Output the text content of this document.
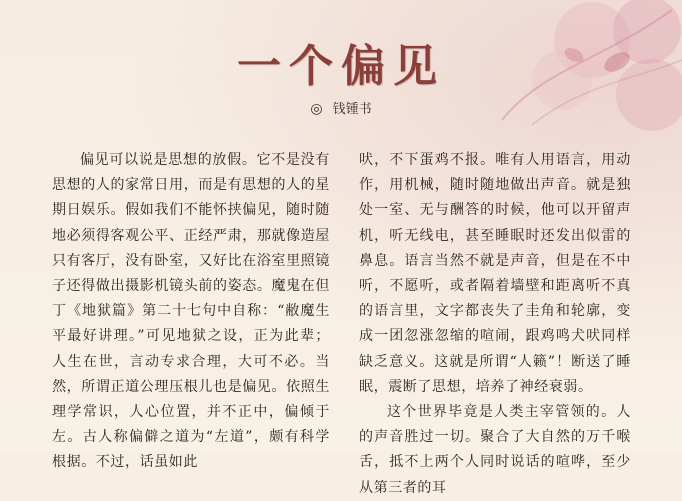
一个偏见
◎ 钱锺书

偏见可以说是思想的放假。它不是没有思想的人的家常日用，而是有思想的人的星期日娱乐。假如我们不能怀挟偏见，随时随地必须得客观公平、正经严肃，那就像造屋只有客厅，没有卧室，又好比在浴室里照镜子还得做出摄影机镜头前的姿态。魔鬼在但丁《地狱篇》第二十七句中自称：“敝魔生平最好讲理。”可见地狱之设，正为此辈；人生在世，言动专求合理，大可不必。当然，所谓正道公理压根儿也是偏见。依照生理学常识，人心位置，并不正中，偏倾于左。古人称偏僻之道为“左道”，颇有科学根据。不过，话虽如此

吠，不下蛋鸡不报。唯有人用语言，用动作，用机械，随时随地做出声音。就是独处一室、无与酬答的时候，他可以开留声机，听无线电，甚至睡眠时还发出似雷的鼻息。语言当然不就是声音，但是在不中听，不愿听，或者隔着墙壁和距离听不真的语言里，文字都丧失了圭角和轮廓，变成一团忽涨忽缩的喧闹，跟鸡鸣犬吠同样缺乏意义。这就是所谓“人籁”！断送了睡眠，震断了思想，培养了神经衰弱。

这个世界毕竟是人类主宰管领的。人的声音胜过一切。聚合了大自然的万千喉舌，抵不上两个人同时说话的喧哗，至少从第三者的耳
